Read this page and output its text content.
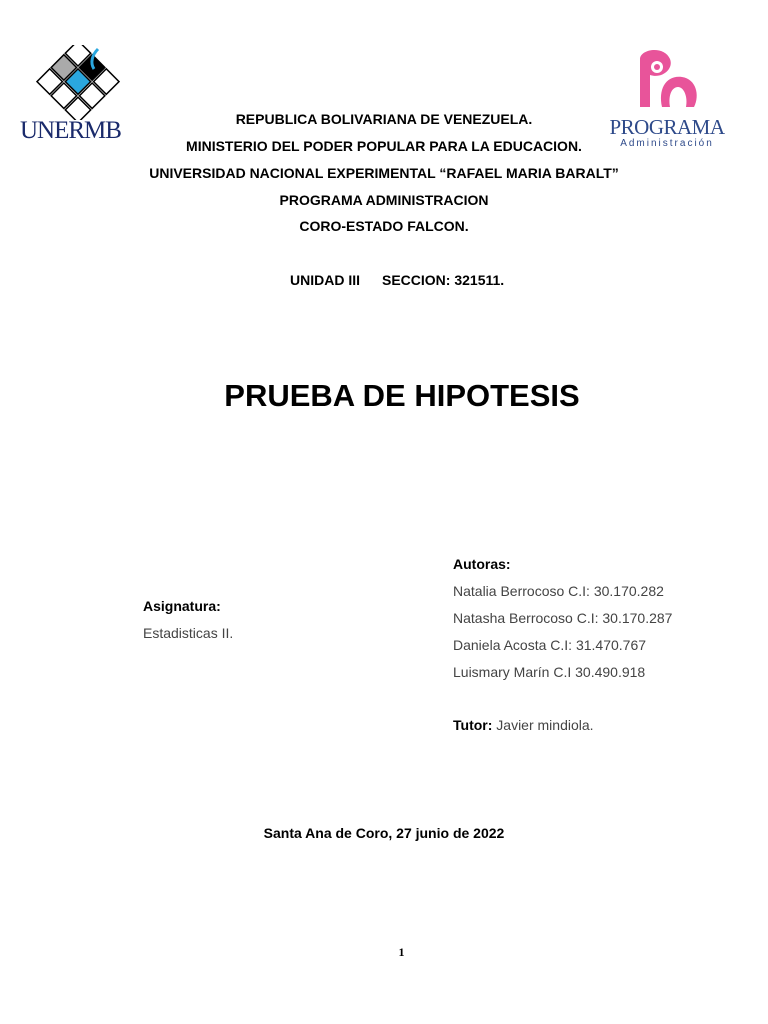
UNERMB	PROGRAMA
Administración
REPUBLICA BOLIVARIANA DE VENEZUELA.
MINISTERIO DEL PODER POPULAR PARA LA EDUCACION.
UNIVERSIDAD NACIONAL EXPERIMENTAL “RAFAEL MARIA BARALT”
PROGRAMA ADMINISTRACION
CORO-ESTADO FALCON.
UNIDAD III SECCION: 321511.
PRUEBA DE HIPOTESIS
Asignatura:
Estadisticas II.
Autoras:
Natalia Berrocoso C.I: 30.170.282
Natasha Berrocoso C.I: 30.170.287
Daniela Acosta C.I: 31.470.767
Luismary Marín C.I 30.490.918
Tutor: Javier mindiola.
Santa Ana de Coro, 27 junio de 2022
1
